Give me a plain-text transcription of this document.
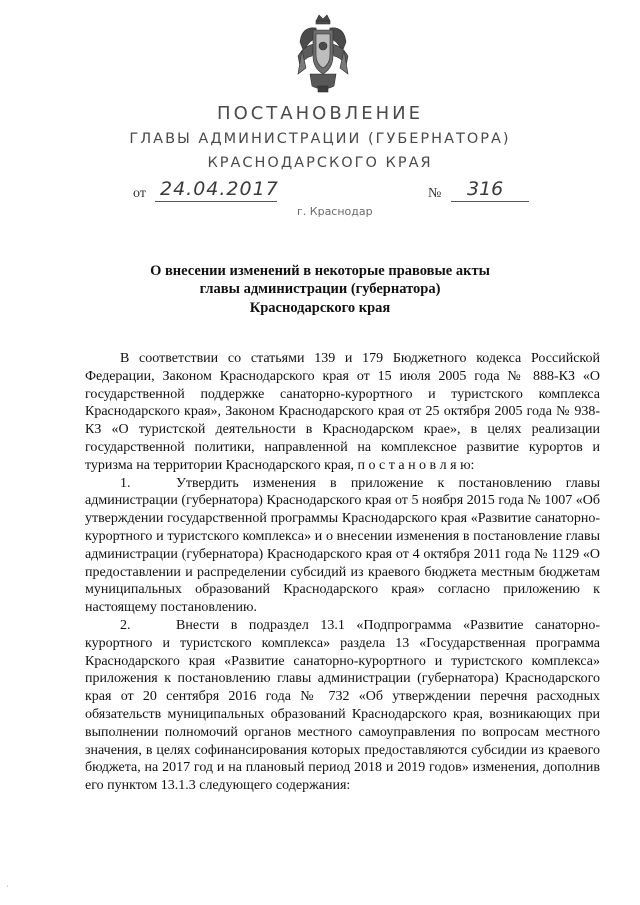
ПОСТАНОВЛЕНИЕ
ГЛАВЫ АДМИНИСТРАЦИИ (ГУБЕРНАТОРА)
КРАСНОДАРСКОГО КРАЯ
от 24.04.2017	№ 316
г. Краснодар
О внесении изменений в некоторые правовые акты
главы администрации (губернатора)
Краснодарского края

В соответствии со статьями 139 и 179 Бюджетного кодекса Российской Федерации, Законом Краснодарского края от 15 июля 2005 года № 888-КЗ «О государственной поддержке санаторно-курортного и туристского комплекса Краснодарского края», Законом Краснодарского края от 25 октября 2005 года № 938-КЗ «О туристской деятельности в Краснодарском крае», в целях реализации государственной политики, направленной на комплексное развитие курортов и туризма на территории Краснодарского края, п о с т а н о в л я ю:

1.	Утвердить изменения в приложение к постановлению главы администрации (губернатора) Краснодарского края от 5 ноября 2015 года № 1007 «Об утверждении государственной программы Краснодарского края «Развитие санаторно-курортного и туристского комплекса» и о внесении изменения в постановление главы администрации (губернатора) Краснодарского края от 4 октября 2011 года № 1129 «О предоставлении и распределении субсидий из краевого бюджета местным бюджетам муниципальных образований Краснодарского края» согласно приложению к настоящему постановлению.

2.	Внести в подраздел 13.1 «Подпрограмма «Развитие санаторно-курортного и туристского комплекса» раздела 13 «Государственная программа Краснодарского края «Развитие санаторно-курортного и туристского комплекса» приложения к постановлению главы администрации (губернатора) Краснодарского края от 20 сентября 2016 года № 732 «Об утверждении перечня расходных обязательств муниципальных образований Краснодарского края, возникающих при выполнении полномочий органов местного самоуправления по вопросам местного значения, в целях софинансирования которых предоставляются субсидии из краевого бюджета, на 2017 год и на плановый период 2018 и 2019 годов» изменения, дополнив его пунктом 13.1.3 следующего содержания:

ʿ
